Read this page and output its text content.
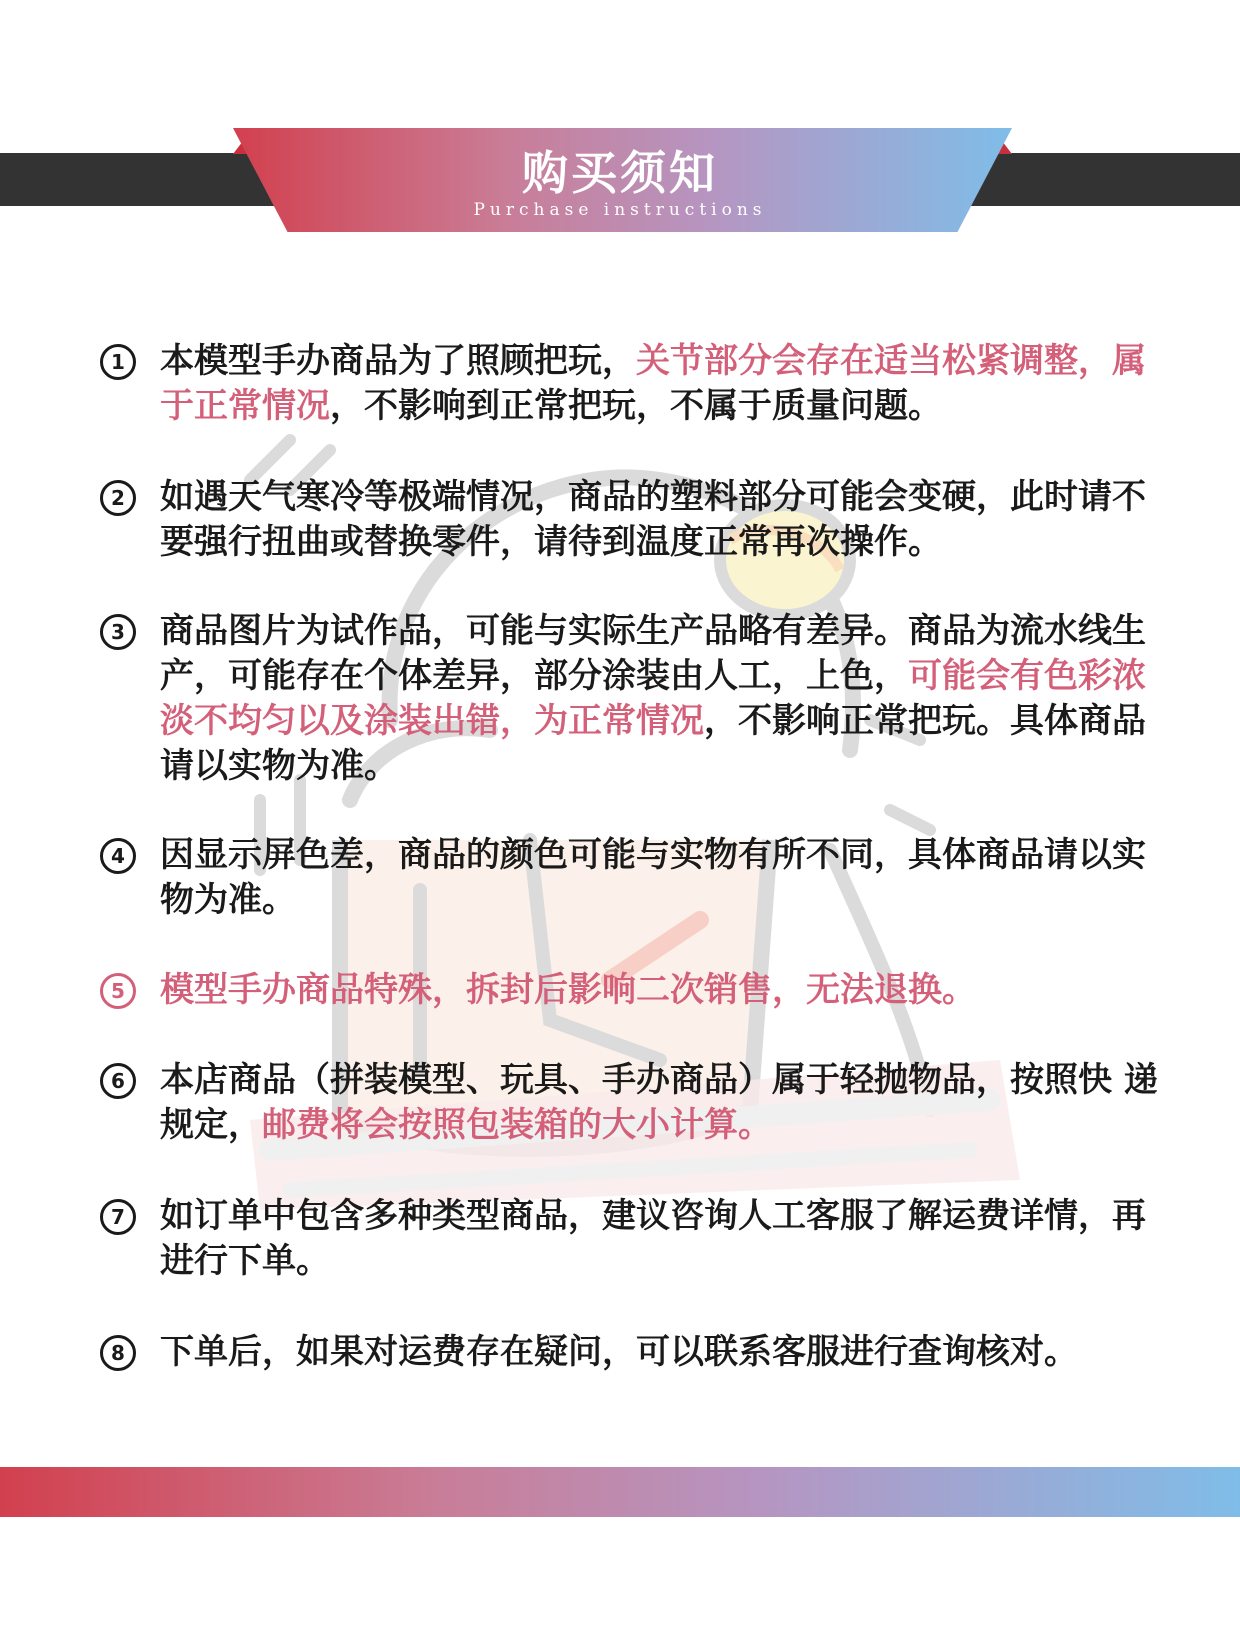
购买须知
Purchase instructions
1	本模型手办商品为了照顾把玩，关节部分会存在适当松紧调整，属于正常情况，不影响到正常把玩，不属于质量问题。
2	如遇天气寒冷等极端情况，商品的塑料部分可能会变硬，此时请不要强行扭曲或替换零件，请待到温度正常再次操作。
3	商品图片为试作品，可能与实际生产品略有差异。商品为流水线生产，可能存在个体差异，部分涂装由人工，上色，可能会有色彩浓淡不均匀以及涂装出错，为正常情况，不影响正常把玩。具体商品请以实物为准。
4	因显示屏色差，商品的颜色可能与实物有所不同，具体商品请以实物为准。
5	模型手办商品特殊，拆封后影响二次销售，无法退换。
6	本店商品（拼装模型、玩具、手办商品）属于轻抛物品，按照快 递规定，邮费将会按照包装箱的大小计算。
7	如订单中包含多种类型商品，建议咨询人工客服了解运费详情，再进行下单。
8	下单后，如果对运费存在疑问，可以联系客服进行查询核对。
